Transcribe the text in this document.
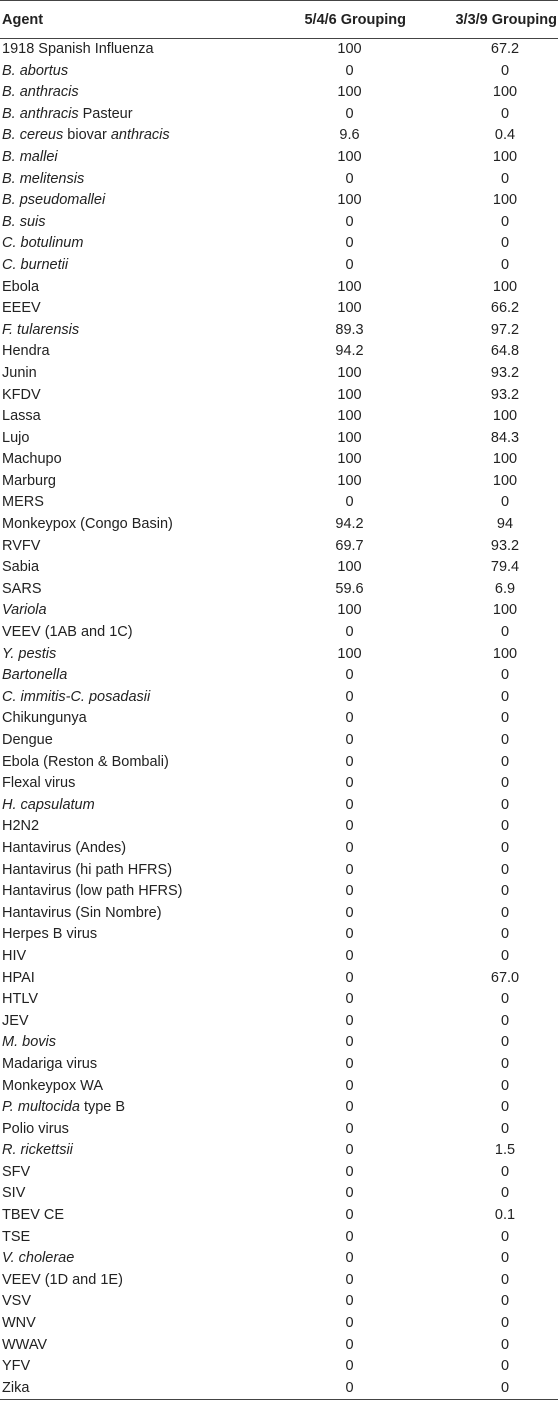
Agent	5/4/6 Grouping	3/3/9 Grouping
1918 Spanish Influenza	100	67.2
B. abortus	0	0
B. anthracis	100	100
B. anthracis Pasteur	0	0
B. cereus biovar anthracis	9.6	0.4
B. mallei	100	100
B. melitensis	0	0
B. pseudomallei	100	100
B. suis	0	0
C. botulinum	0	0
C. burnetii	0	0
Ebola	100	100
EEEV	100	66.2
F. tularensis	89.3	97.2
Hendra	94.2	64.8
Junin	100	93.2
KFDV	100	93.2
Lassa	100	100
Lujo	100	84.3
Machupo	100	100
Marburg	100	100
MERS	0	0
Monkeypox (Congo Basin)	94.2	94
RVFV	69.7	93.2
Sabia	100	79.4
SARS	59.6	6.9
Variola	100	100
VEEV (1AB and 1C)	0	0
Y. pestis	100	100
Bartonella	0	0
C. immitis-C. posadasii	0	0
Chikungunya	0	0
Dengue	0	0
Ebola (Reston & Bombali)	0	0
Flexal virus	0	0
H. capsulatum	0	0
H2N2	0	0
Hantavirus (Andes)	0	0
Hantavirus (hi path HFRS)	0	0
Hantavirus (low path HFRS)	0	0
Hantavirus (Sin Nombre)	0	0
Herpes B virus	0	0
HIV	0	0
HPAI	0	67.0
HTLV	0	0
JEV	0	0
M. bovis	0	0
Madariga virus	0	0
Monkeypox WA	0	0
P. multocida type B	0	0
Polio virus	0	0
R. rickettsii	0	1.5
SFV	0	0
SIV	0	0
TBEV CE	0	0.1
TSE	0	0
V. cholerae	0	0
VEEV (1D and 1E)	0	0
VSV	0	0
WNV	0	0
WWAV	0	0
YFV	0	0
Zika	0	0
